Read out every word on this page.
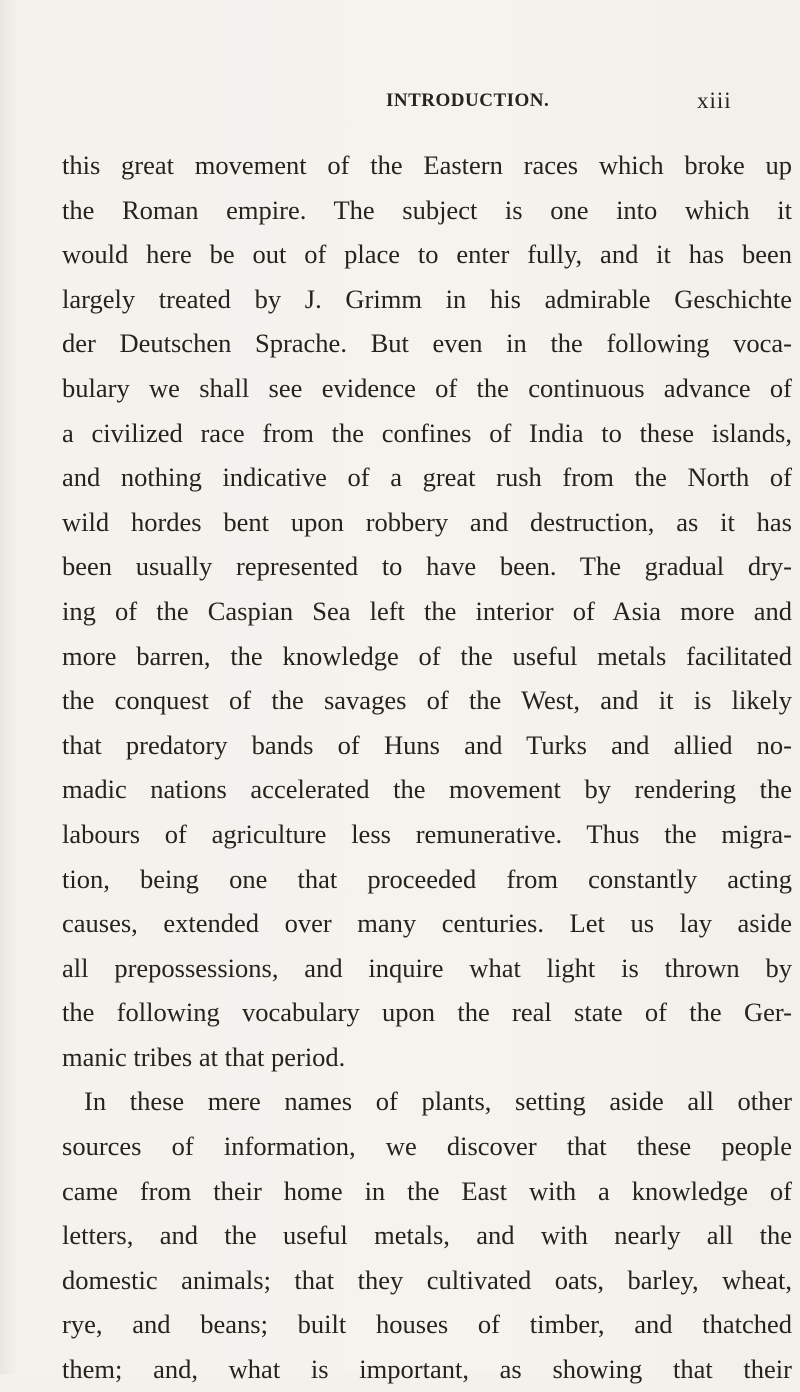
INTRODUCTION.	xiii
this great movement of the Eastern races which broke up
the Roman empire. The subject is one into which it
would here be out of place to enter fully, and it has been
largely treated by J. Grimm in his admirable Geschichte
der Deutschen Sprache. But even in the following voca-
bulary we shall see evidence of the continuous advance of
a civilized race from the confines of India to these islands,
and nothing indicative of a great rush from the North of
wild hordes bent upon robbery and destruction, as it has
been usually represented to have been. The gradual dry-
ing of the Caspian Sea left the interior of Asia more and
more barren, the knowledge of the useful metals facilitated
the conquest of the savages of the West, and it is likely
that predatory bands of Huns and Turks and allied no-
madic nations accelerated the movement by rendering the
labours of agriculture less remunerative. Thus the migra-
tion, being one that proceeded from constantly acting
causes, extended over many centuries. Let us lay aside
all prepossessions, and inquire what light is thrown by
the following vocabulary upon the real state of the Ger-
manic tribes at that period.
In these mere names of plants, setting aside all other
sources of information, we discover that these people
came from their home in the East with a knowledge of
letters, and the useful metals, and with nearly all the
domestic animals; that they cultivated oats, barley, wheat,
rye, and beans; built houses of timber, and thatched
them; and, what is important, as showing that their
